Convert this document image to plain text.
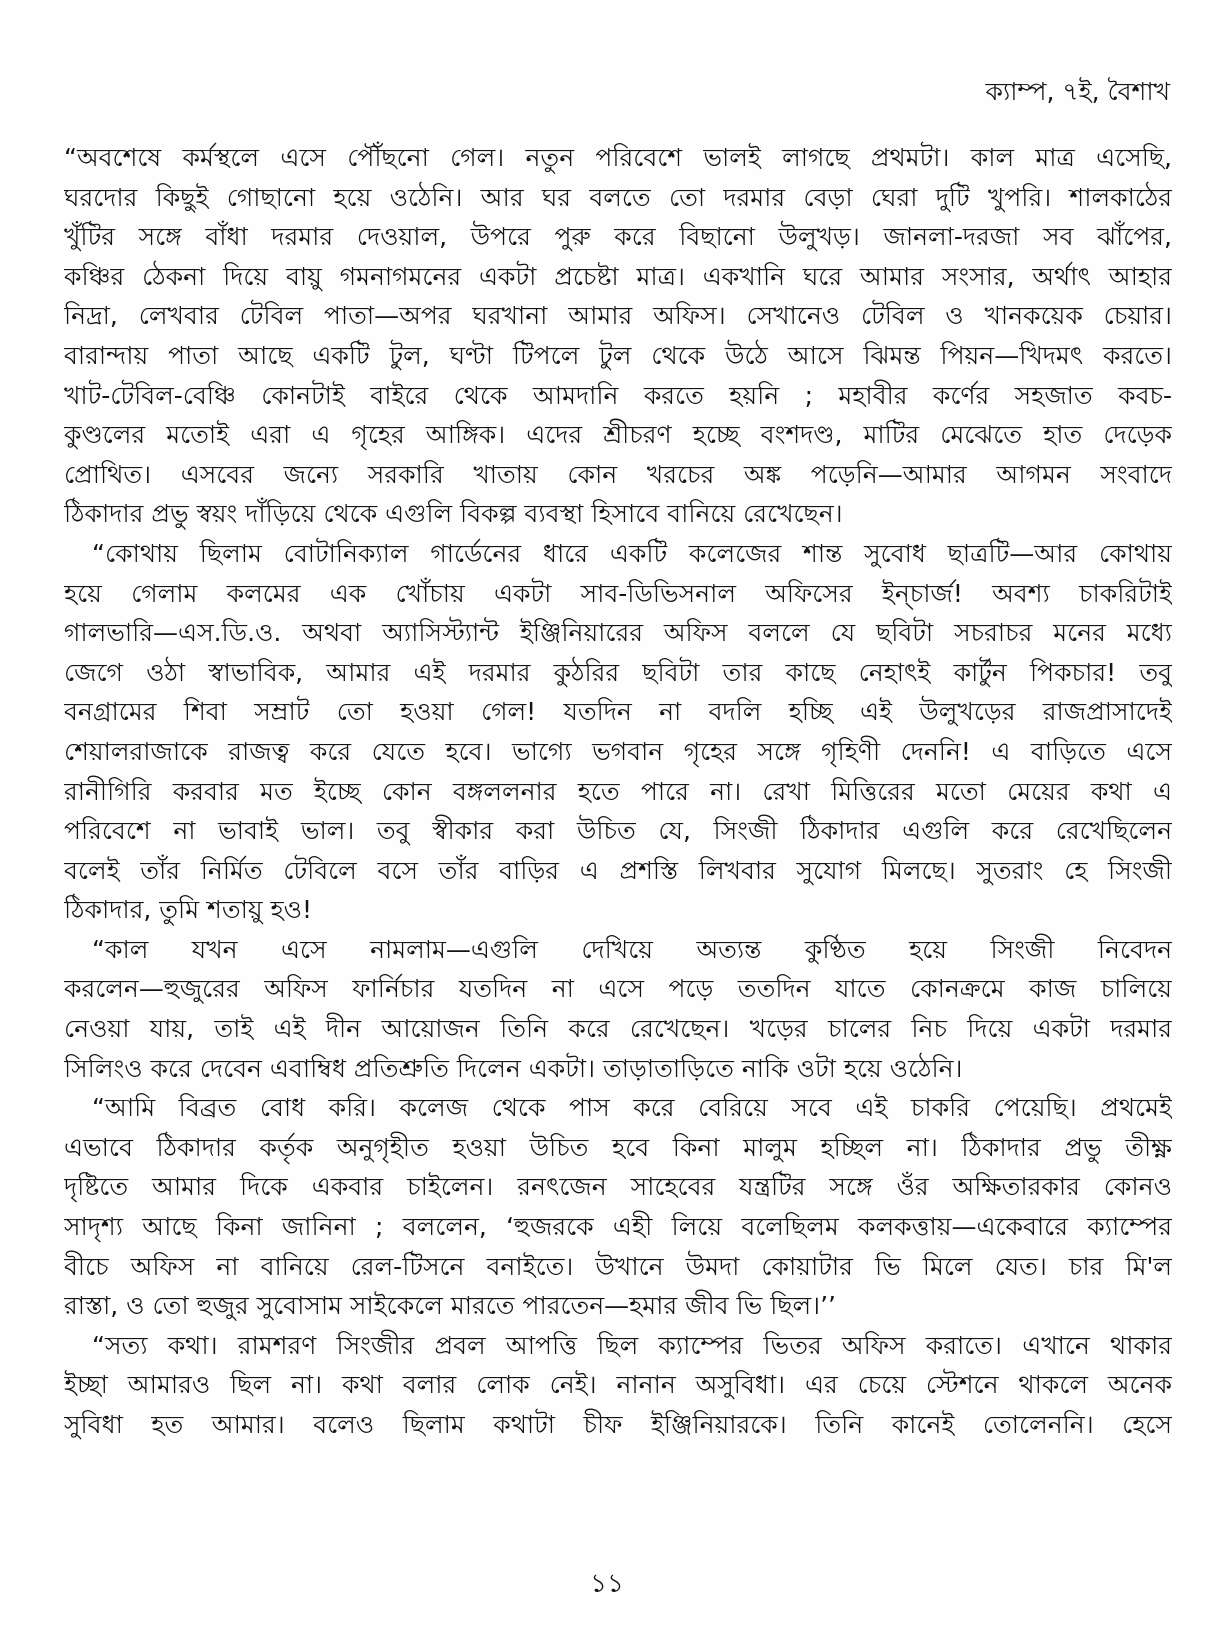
ক্যাম্প, ৭ই, বৈশাখ

“অবশেষে কর্মস্থলে এসে পৌঁছনো গেল। নতুন পরিবেশে ভালই লাগছে প্রথমটা। কাল মাত্র এসেছি,
ঘরদোর কিছুই গোছানো হয়ে ওঠেনি। আর ঘর বলতে তো দরমার বেড়া ঘেরা দুটি খুপরি। শালকাঠের
খুঁটির সঙ্গে বাঁধা দরমার দেওয়াল, উপরে পুরু করে বিছানো উলুখড়। জানলা-দরজা সব ঝাঁপের,
কঞ্চির ঠেকনা দিয়ে বায়ু গমনাগমনের একটা প্রচেষ্টা মাত্র। একখানি ঘরে আমার সংসার, অর্থাৎ আহার
নিদ্রা, লেখবার টেবিল পাতা—অপর ঘরখানা আমার অফিস। সেখানেও টেবিল ও খানকয়েক চেয়ার।
বারান্দায় পাতা আছে একটি টুল, ঘণ্টা টিপলে টুল থেকে উঠে আসে ঝিমন্ত পিয়ন—খিদমৎ করতে।
খাট-টেবিল-বেঞ্চি কোনটাই বাইরে থেকে আমদানি করতে হয়নি ; মহাবীর কর্ণের সহজাত কবচ-
কুণ্ডলের মতোই এরা এ গৃহের আঙ্গিক। এদের শ্রীচরণ হচ্ছে বংশদণ্ড, মাটির মেঝেতে হাত দেড়েক
প্রোথিত। এসবের জন্যে সরকারি খাতায় কোন খরচের অঙ্ক পড়েনি—আমার আগমন সংবাদে
ঠিকাদার প্রভু স্বয়ং দাঁড়িয়ে থেকে এগুলি বিকল্প ব্যবস্থা হিসাবে বানিয়ে রেখেছেন।

“কোথায় ছিলাম বোটানিক্যাল গার্ডেনের ধারে একটি কলেজের শান্ত সুবোধ ছাত্রটি—আর কোথায়
হয়ে গেলাম কলমের এক খোঁচায় একটা সাব-ডিভিসনাল অফিসের ইন্‌চার্জ! অবশ্য চাকরিটাই
গালভারি—এস.ডি.ও. অথবা অ্যাসিস্ট্যান্ট ইঞ্জিনিয়ারের অফিস বললে যে ছবিটা সচরাচর মনের মধ্যে
জেগে ওঠা স্বাভাবিক, আমার এই দরমার কুঠরির ছবিটা তার কাছে নেহাৎই কার্টুন পিকচার! তবু
বনগ্রামের শিবা সম্রাট তো হওয়া গেল! যতদিন না বদলি হচ্ছি এই উলুখড়ের রাজপ্রাসাদেই
শেয়ালরাজাকে রাজত্ব করে যেতে হবে। ভাগ্যে ভগবান গৃহের সঙ্গে গৃহিণী দেননি! এ বাড়িতে এসে
রানীগিরি করবার মত ইচ্ছে কোন বঙ্গললনার হতে পারে না। রেখা মিত্তিরের মতো মেয়ের কথা এ
পরিবেশে না ভাবাই ভাল। তবু স্বীকার করা উচিত যে, সিংজী ঠিকাদার এগুলি করে রেখেছিলেন
বলেই তাঁর নির্মিত টেবিলে বসে তাঁর বাড়ির এ প্রশস্তি লিখবার সুযোগ মিলছে। সুতরাং হে সিংজী
ঠিকাদার, তুমি শতায়ু হও!

“কাল যখন এসে নামলাম—এগুলি দেখিয়ে অত্যন্ত কুণ্ঠিত হয়ে সিংজী নিবেদন
করলেন—হুজুরের অফিস ফার্নিচার যতদিন না এসে পড়ে ততদিন যাতে কোনক্রমে কাজ চালিয়ে
নেওয়া যায়, তাই এই দীন আয়োজন তিনি করে রেখেছেন। খড়ের চালের নিচ দিয়ে একটা দরমার
সিলিংও করে দেবেন এবাম্বিধ প্রতিশ্রুতি দিলেন একটা। তাড়াতাড়িতে নাকি ওটা হয়ে ওঠেনি।

“আমি বিব্রত বোধ করি। কলেজ থেকে পাস করে বেরিয়ে সবে এই চাকরি পেয়েছি। প্রথমেই
এভাবে ঠিকাদার কর্তৃক অনুগৃহীত হওয়া উচিত হবে কিনা মালুম হচ্ছিল না। ঠিকাদার প্রভু তীক্ষ্ণ
দৃষ্টিতে আমার দিকে একবার চাইলেন। রনৎজেন সাহেবের যন্ত্রটির সঙ্গে ওঁর অক্ষিতারকার কোনও
সাদৃশ্য আছে কিনা জানিনা ; বললেন, ‘হুজরকে এহী লিয়ে বলেছিলম কলকত্তায়—একেবারে ক্যাম্পের
বীচে অফিস না বানিয়ে রেল-টিসনে বনাইতে। উখানে উমদা কোয়াটার ভি মিলে যেত। চার মি'ল
রাস্তা, ও তো হুজুর সুবোসাম সাইকেলে মারতে পারতেন—হমার জীব ভি ছিল।’’

“সত্য কথা। রামশরণ সিংজীর প্রবল আপত্তি ছিল ক্যাম্পের ভিতর অফিস করাতে। এখানে থাকার
ইচ্ছা আমারও ছিল না। কথা বলার লোক নেই। নানান অসুবিধা। এর চেয়ে স্টেশনে থাকলে অনেক
সুবিধা হত আমার। বলেও ছিলাম কথাটা চীফ ইঞ্জিনিয়ারকে। তিনি কানেই তোলেননি। হেসে

১১
